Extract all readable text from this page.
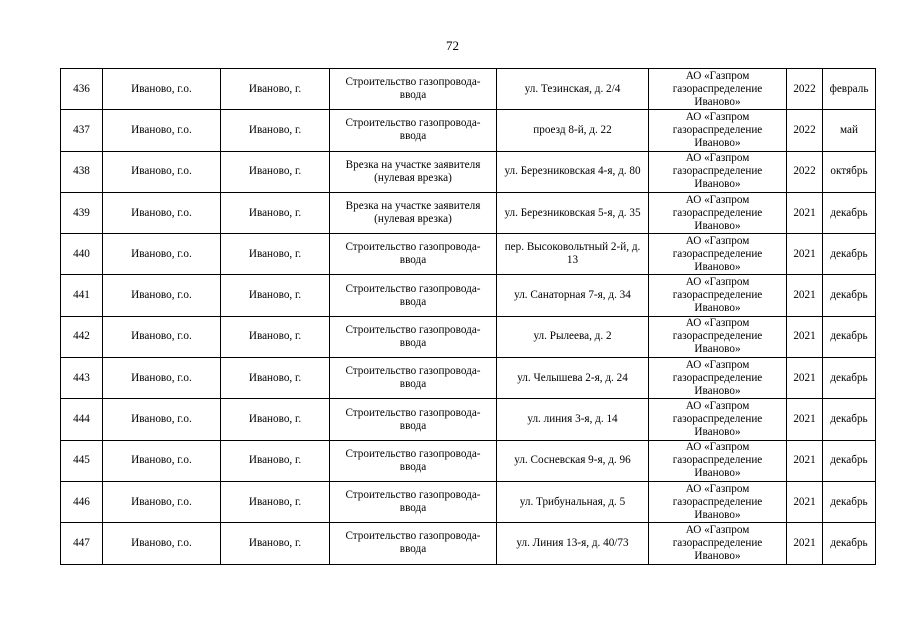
72
436	Иваново, г.о.	Иваново, г.	Строительство газопровода-ввода	ул. Тезинская, д. 2/4	АО «Газпром газораспределение Иваново»	2022	февраль
437	Иваново, г.о.	Иваново, г.	Строительство газопровода-ввода	проезд 8-й, д. 22	АО «Газпром газораспределение Иваново»	2022	май
438	Иваново, г.о.	Иваново, г.	Врезка на участке заявителя (нулевая врезка)	ул. Березниковская 4-я, д. 80	АО «Газпром газораспределение Иваново»	2022	октябрь
439	Иваново, г.о.	Иваново, г.	Врезка на участке заявителя (нулевая врезка)	ул. Березниковская 5-я, д. 35	АО «Газпром газораспределение Иваново»	2021	декабрь
440	Иваново, г.о.	Иваново, г.	Строительство газопровода-ввода	пер. Высоковольтный 2-й, д. 13	АО «Газпром газораспределение Иваново»	2021	декабрь
441	Иваново, г.о.	Иваново, г.	Строительство газопровода-ввода	ул. Санаторная 7-я, д. 34	АО «Газпром газораспределение Иваново»	2021	декабрь
442	Иваново, г.о.	Иваново, г.	Строительство газопровода-ввода	ул. Рылеева, д. 2	АО «Газпром газораспределение Иваново»	2021	декабрь
443	Иваново, г.о.	Иваново, г.	Строительство газопровода-ввода	ул. Челышева 2-я, д. 24	АО «Газпром газораспределение Иваново»	2021	декабрь
444	Иваново, г.о.	Иваново, г.	Строительство газопровода-ввода	ул. линия 3-я, д. 14	АО «Газпром газораспределение Иваново»	2021	декабрь
445	Иваново, г.о.	Иваново, г.	Строительство газопровода-ввода	ул. Сосневская 9-я, д. 96	АО «Газпром газораспределение Иваново»	2021	декабрь
446	Иваново, г.о.	Иваново, г.	Строительство газопровода-ввода	ул. Трибунальная, д. 5	АО «Газпром газораспределение Иваново»	2021	декабрь
447	Иваново, г.о.	Иваново, г.	Строительство газопровода-ввода	ул. Линия 13-я, д. 40/73	АО «Газпром газораспределение Иваново»	2021	декабрь
